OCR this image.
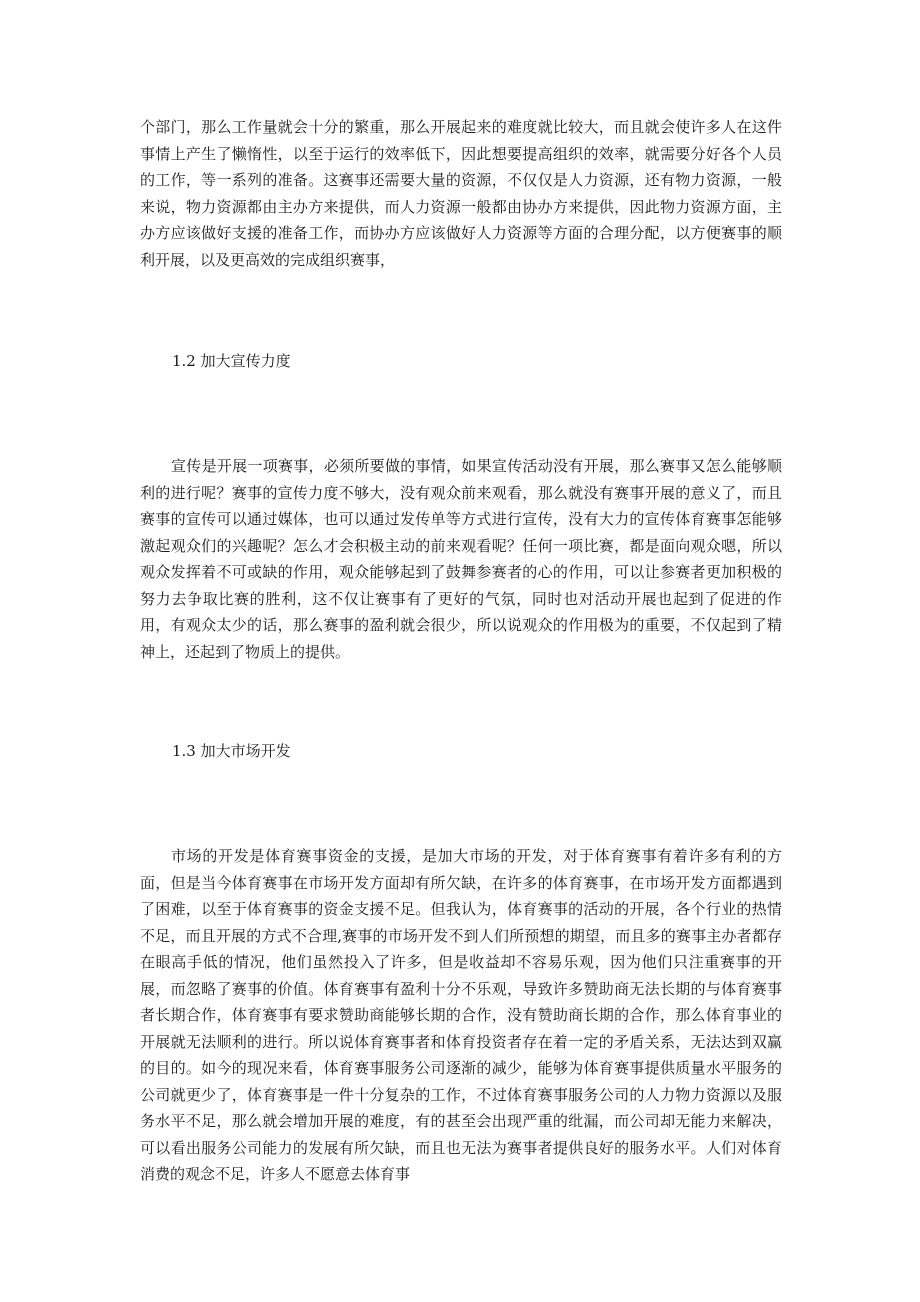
个部门，那么工作量就会十分的繁重，那么开展起来的难度就比较大，而且就会使许多人在这件事情上产生了懒惰性，以至于运行的效率低下，因此想要提高组织的效率，就需要分好各个人员的工作，等一系列的准备。这赛事还需要大量的资源，不仅仅是人力资源，还有物力资源，一般来说，物力资源都由主办方来提供，而人力资源一般都由协办方来提供，因此物力资源方面，主办方应该做好支援的准备工作，而协办方应该做好人力资源等方面的合理分配，以方便赛事的顺利开展，以及更高效的完成组织赛事，

1.2 加大宣传力度

宣传是开展一项赛事，必须所要做的事情，如果宣传活动没有开展，那么赛事又怎么能够顺利的进行呢？赛事的宣传力度不够大，没有观众前来观看，那么就没有赛事开展的意义了，而且赛事的宣传可以通过媒体，也可以通过发传单等方式进行宣传，没有大力的宣传体育赛事怎能够激起观众们的兴趣呢？怎么才会积极主动的前来观看呢？任何一项比赛，都是面向观众嗯，所以观众发挥着不可或缺的作用，观众能够起到了鼓舞参赛者的心的作用，可以让参赛者更加积极的努力去争取比赛的胜利，这不仅让赛事有了更好的气氛，同时也对活动开展也起到了促进的作用，有观众太少的话，那么赛事的盈利就会很少，所以说观众的作用极为的重要，不仅起到了精神上，还起到了物质上的提供。

1.3 加大市场开发

市场的开发是体育赛事资金的支援，是加大市场的开发，对于体育赛事有着许多有利的方面，但是当今体育赛事在市场开发方面却有所欠缺，在许多的体育赛事，在市场开发方面都遇到了困难，以至于体育赛事的资金支援不足。但我认为，体育赛事的活动的开展，各个行业的热情不足，而且开展的方式不合理,赛事的市场开发不到人们所预想的期望，而且多的赛事主办者都存在眼高手低的情况，他们虽然投入了许多，但是收益却不容易乐观，因为他们只注重赛事的开展，而忽略了赛事的价值。体育赛事有盈利十分不乐观，导致许多赞助商无法长期的与体育赛事者长期合作，体育赛事有要求赞助商能够长期的合作，没有赞助商长期的合作，那么体育事业的开展就无法顺利的进行。所以说体育赛事者和体育投资者存在着一定的矛盾关系，无法达到双赢的目的。如今的现况来看，体育赛事服务公司逐渐的减少，能够为体育赛事提供质量水平服务的公司就更少了，体育赛事是一件十分复杂的工作，不过体育赛事服务公司的人力物力资源以及服务水平不足，那么就会增加开展的难度，有的甚至会出现严重的纰漏，而公司却无能力来解决，可以看出服务公司能力的发展有所欠缺，而且也无法为赛事者提供良好的服务水平。人们对体育消费的观念不足，许多人不愿意去体育事
